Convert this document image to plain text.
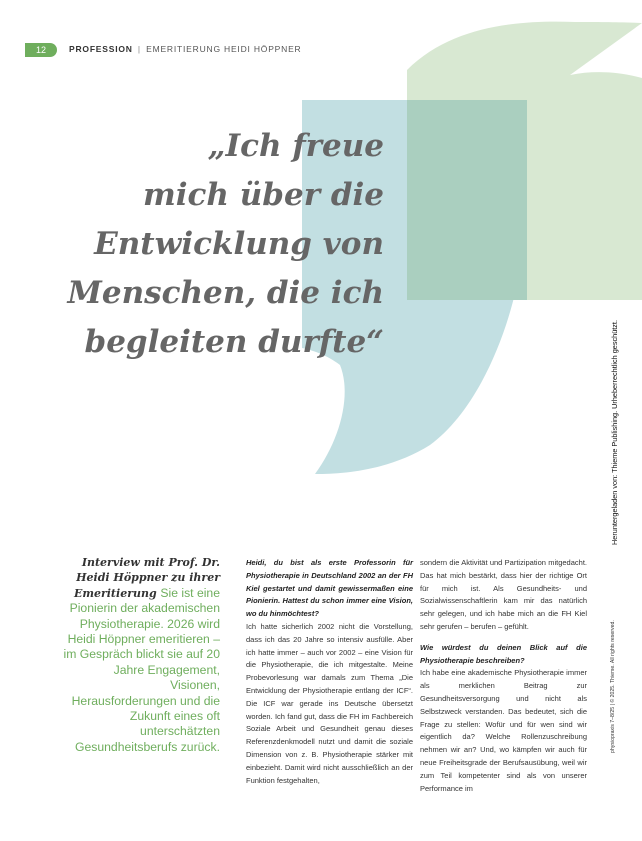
12	PROFESSION | EMERITIERUNG HEIDI HÖPPNER
„Ich freue
mich über die
Entwicklung von
Menschen, die ich
begleiten durfte“	Heruntergeladen von: Thieme Publishing. Urheberrechtlich geschützt.
physiopraxis 7–8/25 | © 2025. Thieme. All rights reserved.
Interview mit Prof. Dr. Heidi Höppner zu ihrer Emeritierung Sie ist eine Pionierin der akademischen Physiotherapie. 2026 wird Heidi Höppner emeritieren – im Gespräch blickt sie auf 20 Jahre Engagement, Visionen, Herausforderungen und die Zukunft eines oft unterschätzten Gesundheitsberufs zurück.

Heidi, du bist als erste Professorin für Physiotherapie in Deutschland 2002 an der FH Kiel gestartet und damit gewissermaßen eine Pionierin. Hattest du schon immer eine Vision, wo du hinmöchtest?

Ich hatte sicherlich 2002 nicht die Vorstellung, dass ich das 20 Jahre so intensiv ausfülle. Aber ich hatte immer – auch vor 2002 – eine Vision für die Physiotherapie, die ich mitgestalte. Meine Probevorlesung war damals zum Thema „Die Entwicklung der Physiotherapie entlang der ICF“. Die ICF war gerade ins Deutsche übersetzt worden. Ich fand gut, dass die FH im Fachbereich Soziale Arbeit und Gesundheit genau dieses Referenzdenkmodell nutzt und damit die soziale Dimension von z. B. Physiotherapie stärker mit einbezieht. Damit wird nicht ausschließlich an der Funktion festgehalten,

sondern die Aktivität und Partizipation mitgedacht. Das hat mich bestärkt, dass hier der richtige Ort für mich ist. Als Gesundheits- und Sozialwissenschaftlerin kam mir das natürlich sehr gelegen, und ich habe mich an die FH Kiel sehr gerufen – berufen – gefühlt.

Wie würdest du deinen Blick auf die Physiotherapie beschreiben?

Ich habe eine akademische Physiotherapie immer als merklichen Beitrag zur Gesundheitsversorgung und nicht als Selbstzweck verstanden. Das bedeutet, sich die Frage zu stellen: Wofür und für wen sind wir eigentlich da? Welche Rollenzuschreibung nehmen wir an? Und, wo kämpfen wir auch für neue Freiheitsgrade der Berufsausübung, weil wir zum Teil kompetenter sind als von unserer Performance im
